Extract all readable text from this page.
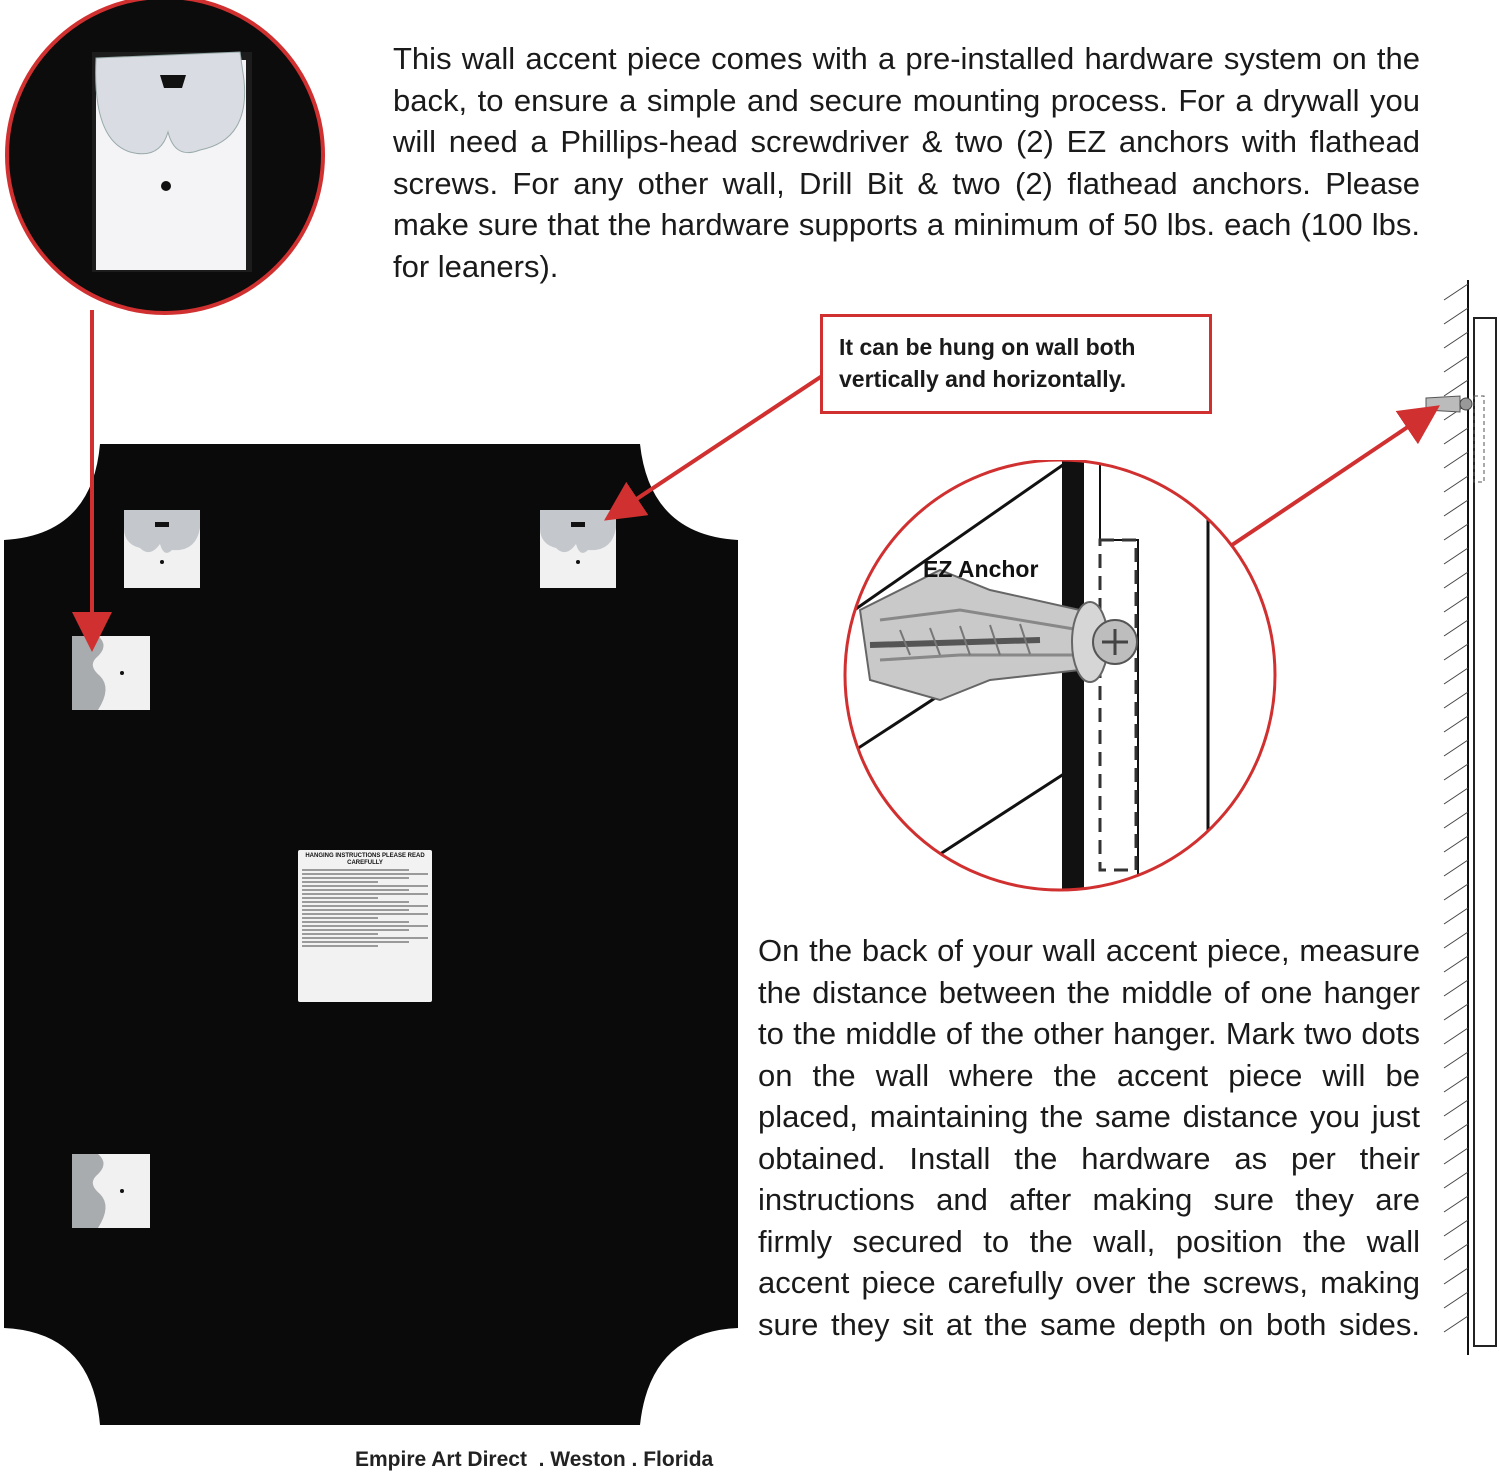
This wall accent piece comes with a pre-installed hardware system on the back, to ensure a simple and secure mounting process. For a drywall you will need a Phillips-head screwdriver & two (2) EZ anchors with flathead screws. For any other wall, Drill Bit & two (2) flathead anchors. Please make sure that the hardware supports a minimum of 50 lbs. each (100 lbs. for leaners).
HANGING INSTRUCTIONS PLEASE READ CAREFULLY
It can be hung on wall both vertically and horizontally.
EZ Anchor
On the back of your wall accent piece, measure the distance between the middle of one hanger to the middle of the other hanger. Mark two dots on the wall where the accent piece will be placed, maintaining the same distance you just obtained. Install the hardware as per their instructions and after making sure they are firmly secured to the wall, position the wall accent piece carefully over the screws, making sure they sit at the same depth on both sides.
Empire Art Direct  . Weston . Florida
